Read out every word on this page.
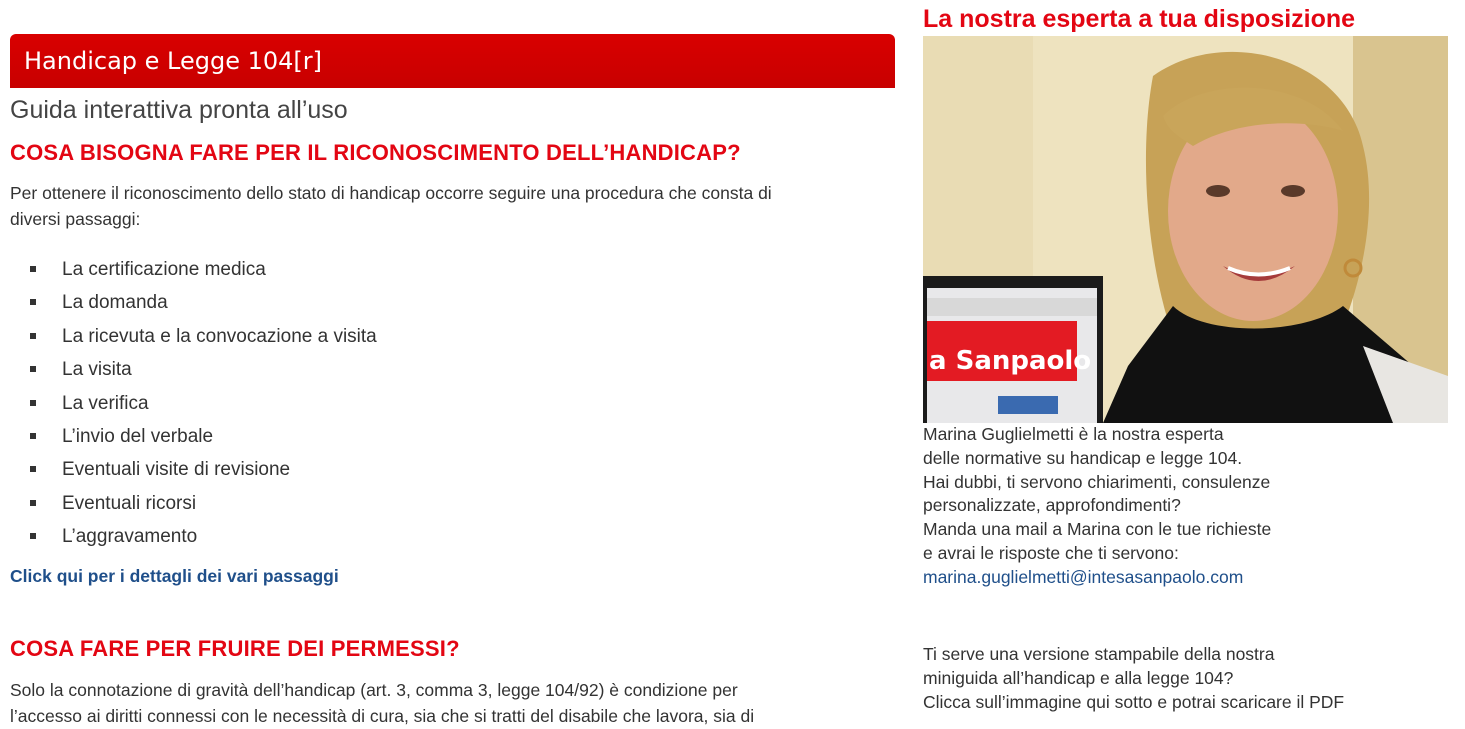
Handicap e Legge 104[r]
Guida interattiva pronta all’uso
COSA BISOGNA FARE PER IL RICONOSCIMENTO DELL’HANDICAP?
Per ottenere il riconoscimento dello stato di handicap occorre seguire una procedura che consta di
diversi passaggi:
La certificazione medica
La domanda
La ricevuta e la convocazione a visita
La visita
La verifica
L’invio del verbale
Eventuali visite di revisione
Eventuali ricorsi
L’aggravamento
Click qui per i dettagli dei vari passaggi
COSA FARE PER FRUIRE DEI PERMESSI?
Solo la connotazione di gravità dell’handicap (art. 3, comma 3, legge 104/92) è condizione per
l’accesso ai diritti connessi con le necessità di cura, sia che si tratti del disabile che lavora, sia di
La nostra esperta a tua disposizione
a Sanpaolo
Marina Guglielmetti è la nostra esperta
delle normative su handicap e legge 104.
Hai dubbi, ti servono chiarimenti, consulenze
personalizzate, approfondimenti?
Manda una mail a Marina con le tue richieste
e avrai le risposte che ti servono:
marina.guglielmetti@intesasanpaolo.com
Ti serve una versione stampabile della nostra
miniguida all’handicap e alla legge 104?
Clicca sull’immagine qui sotto e potrai scaricare il PDF
